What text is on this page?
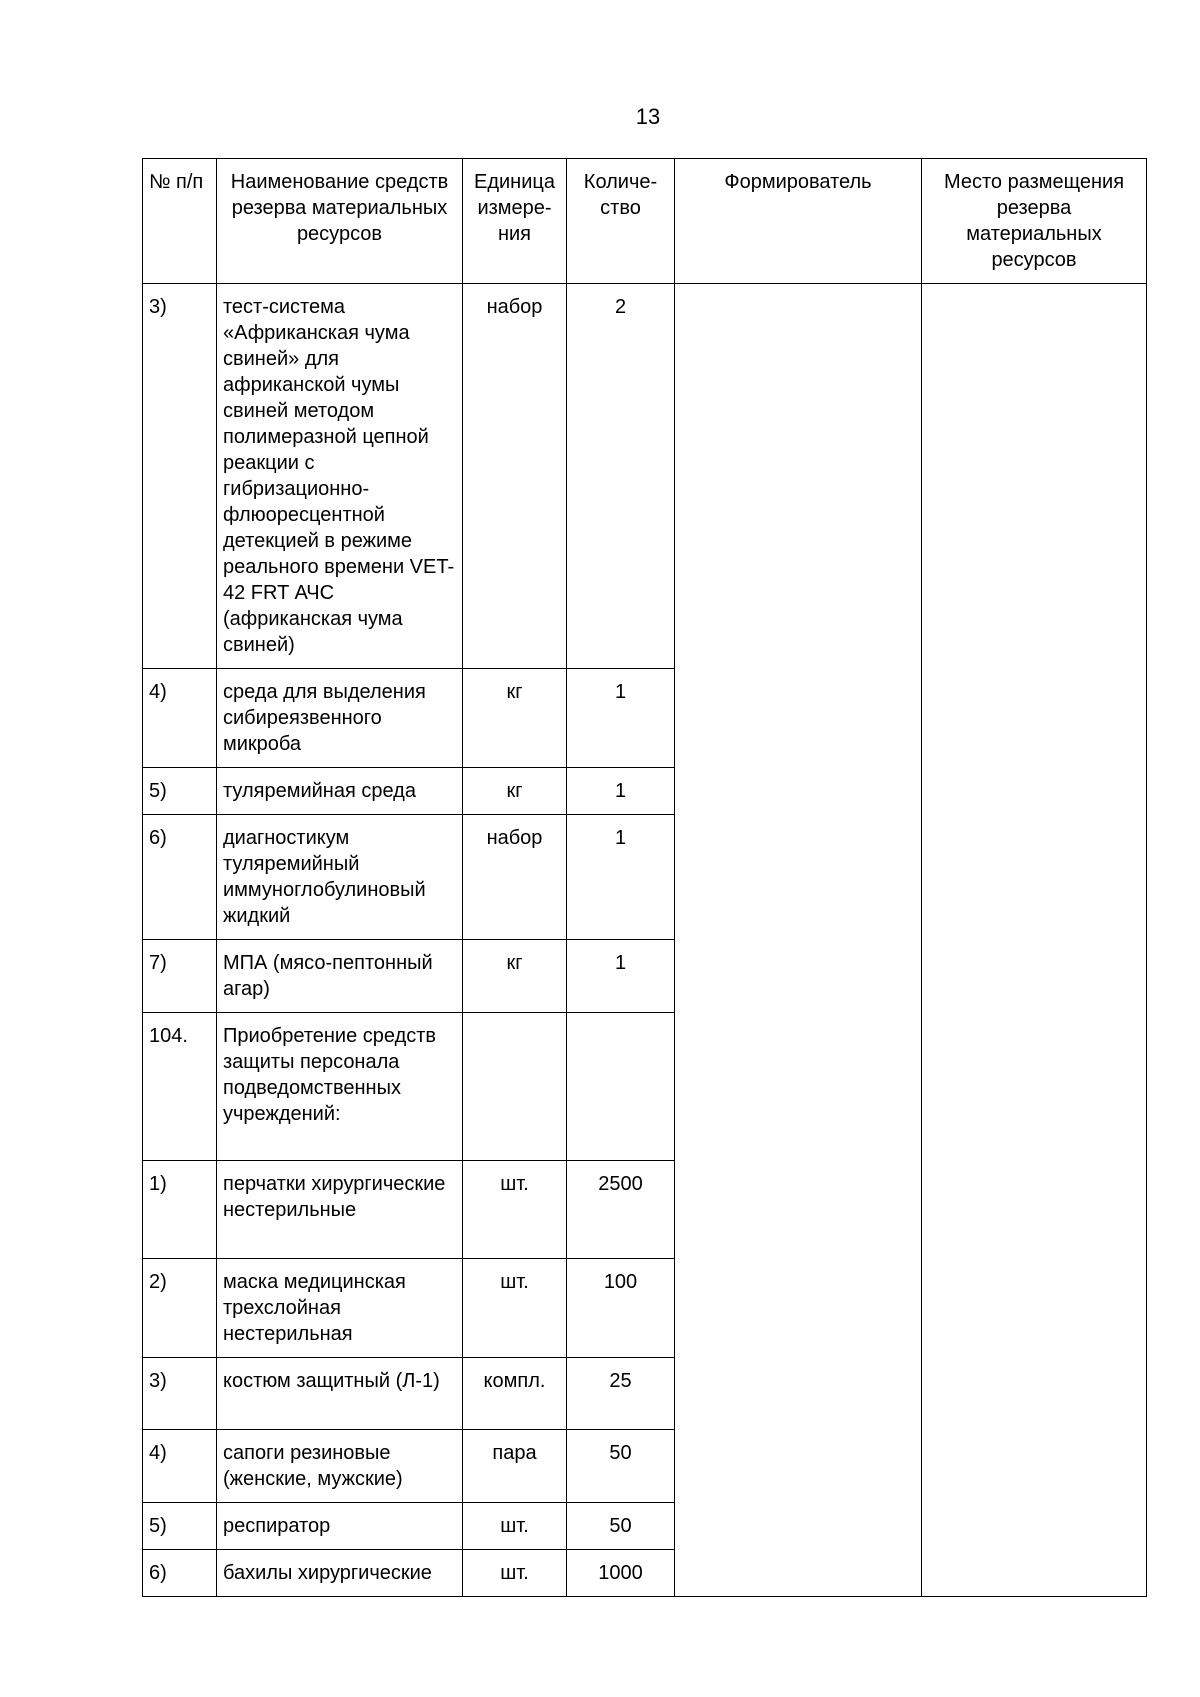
13
№ п/п	Наименование средств резерва материальных ресурсов	Единица измере-ния	Количе-ство	Формирователь	Место размещения резерва материальных ресурсов
3)	тест-система «Африканская чума свиней» для африканской чумы свиней методом полимеразной цепной реакции с гибризационно-флюоресцентной детекцией в режиме реального времени VET-42 FRT АЧС (африканская чума свиней)	набор	2		
4)	среда для выделения сибиреязвенного микроба	кг	1		
5)	туляремийная среда	кг	1		
6)	диагностикум туляремийный иммуноглобулиновый жидкий	набор	1		
7)	МПА (мясо-пептонный агар)	кг	1		
104.	Приобретение средств защиты персонала подведомственных учреждений:				
1)	перчатки хирургические нестерильные	шт.	2500		
2)	маска медицинская трехслойная нестерильная	шт.	100		
3)	костюм защитный (Л-1)	компл.	25		
4)	сапоги резиновые (женские, мужские)	пара	50		
5)	респиратор	шт.	50		
6)	бахилы хирургические	шт.	1000		
